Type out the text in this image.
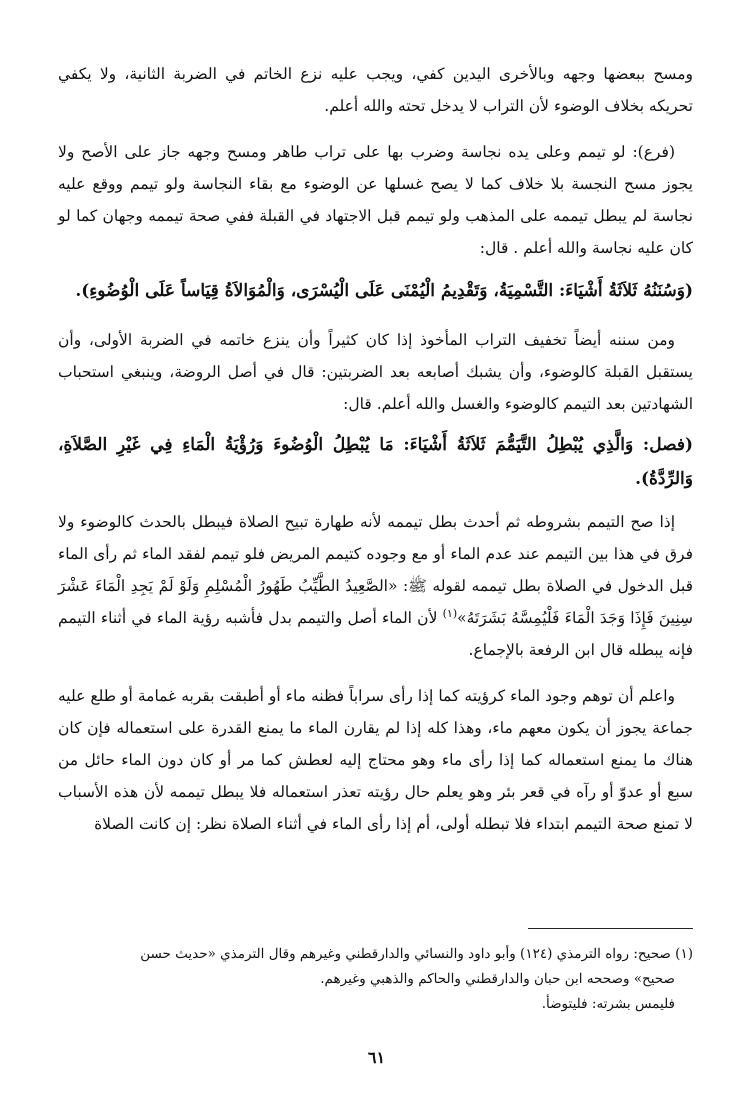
ومسح ببعضها وجهه وبالأخرى اليدين كفي، ويجب عليه نزع الخاتم في الضربة الثانية، ولا يكفي تحريكه بخلاف الوضوء لأن التراب لا يدخل تحته والله أعلم.

(فرع): لو تيمم وعلى يده نجاسة وضرب بها على تراب طاهر ومسح وجهه جاز على الأصح ولا يجوز مسح النجسة بلا خلاف كما لا يصح غسلها عن الوضوء مع بقاء النجاسة ولو تيمم ووقع عليه نجاسة لم يبطل تيممه على المذهب ولو تيمم قبل الاجتهاد في القبلة ففي صحة تيممه وجهان كما لو كان عليه نجاسة والله أعلم . قال:

(وَسُنَنُهُ ثَلاَثَةُ أَشْيَاءَ: التَّسْمِيَةُ، وَتَقْدِيمُ الْيُمْنَى عَلَى الْيُسْرَى، وَالْمُوَالاَةُ قِيَاساً عَلَى الْوُضُوءِ).

ومن سننه أيضاً تخفيف التراب المأخوذ إذا كان كثيراً وأن ينزع خاتمه في الضربة الأولى، وأن يستقبل القبلة كالوضوء، وأن يشبك أصابعه بعد الضربتين: قال في أصل الروضة، وينبغي استحباب الشهادتين بعد التيمم كالوضوء والغسل والله أعلم. قال:

(فصل: وَالَّذِي يُبْطِلُ التَّيَمُّمَ ثَلاَثَةُ أَشْيَاءَ: مَا يُبْطِلُ الْوُضُوءَ وَرُؤْيَةُ الْمَاءِ فِي غَيْرِ الصَّلاَةِ، وَالرِّدَّةُ).

إذا صح التيمم بشروطه ثم أحدث بطل تيممه لأنه طهارة تبيح الصلاة فيبطل بالحدث كالوضوء ولا فرق في هذا بين التيمم عند عدم الماء أو مع وجوده كتيمم المريض فلو تيمم لفقد الماء ثم رأى الماء قبل الدخول في الصلاة بطل تيممه لقوله ﷺ: «الصَّعِيدُ الطَّيِّبُ طَهُورُ الْمُسْلِمِ وَلَوْ لَمْ يَجِدِ الْمَاءَ عَشْرَ سِنِينَ فَإِذَا وَجَدَ الْمَاءَ فَلْيُمِسَّهُ بَشَرَتَهُ»$^{(١)}$ لأن الماء أصل والتيمم بدل فأشبه رؤية الماء في أثناء التيمم فإنه يبطله قال ابن الرفعة بالإجماع.

واعلم أن توهم وجود الماء كرؤيته كما إذا رأى سراباً فظنه ماء أو أطبقت بقربه غمامة أو طلع عليه جماعة يجوز أن يكون معهم ماء، وهذا كله إذا لم يقارن الماء ما يمنع القدرة على استعماله فإن كان هناك ما يمنع استعماله كما إذا رأى ماء وهو محتاج إليه لعطش كما مر أو كان دون الماء حائل من سبع أو عدوّ أو رآه في قعر بئر وهو يعلم حال رؤيته تعذر استعماله فلا يبطل تيممه لأن هذه الأسباب لا تمنع صحة التيمم ابتداء فلا تبطله أولى، أم إذا رأى الماء في أثناء الصلاة نظر: إن كانت الصلاة

(١) صحيح: رواه الترمذي (١٢٤) وأبو داود والنسائي والدارقطني وغيرهم وقال الترمذي «حديث حسن

صحيح» وصححه ابن حبان والدارقطني والحاكم والذهبي وغيرهم.

فليمس بشرته: فليتوضأ.

٦١
